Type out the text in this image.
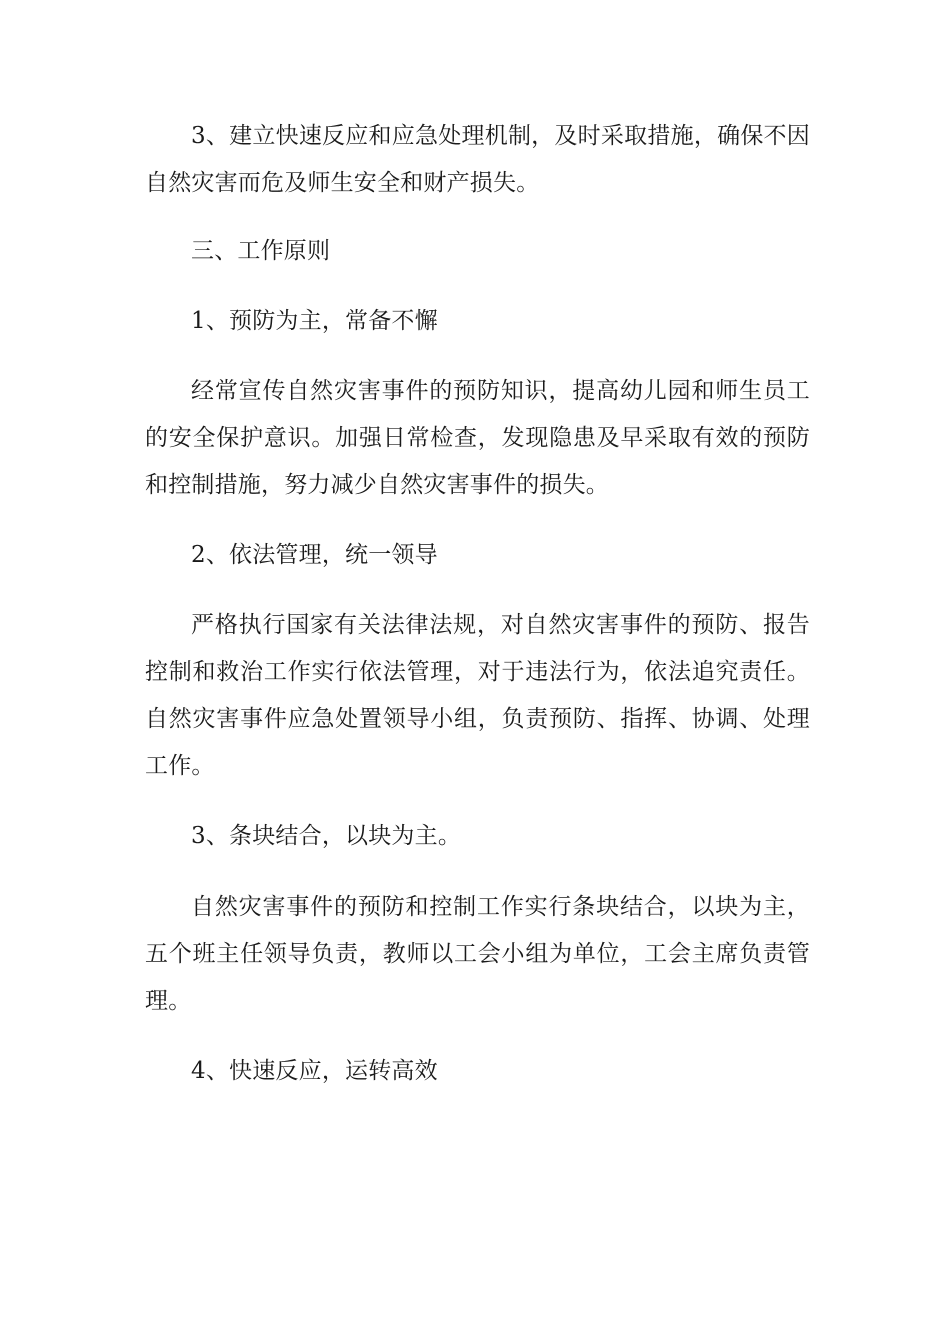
3、建立快速反应和应急处理机制，及时采取措施，确保不因自然灾害而危及师生安全和财产损失。

三、工作原则

1、预防为主，常备不懈

经常宣传自然灾害事件的预防知识，提高幼儿园和师生员工的安全保护意识。加强日常检查，发现隐患及早采取有效的预防和控制措施，努力减少自然灾害事件的损失。

2、依法管理，统一领导

严格执行国家有关法律法规，对自然灾害事件的预防、报告控制和救治工作实行依法管理，对于违法行为，依法追究责任。自然灾害事件应急处置领导小组，负责预防、指挥、协调、处理工作。

3、条块结合，以块为主。

自然灾害事件的预防和控制工作实行条块结合，以块为主，五个班主任领导负责，教师以工会小组为单位，工会主席负责管理。

4、快速反应，运转高效
